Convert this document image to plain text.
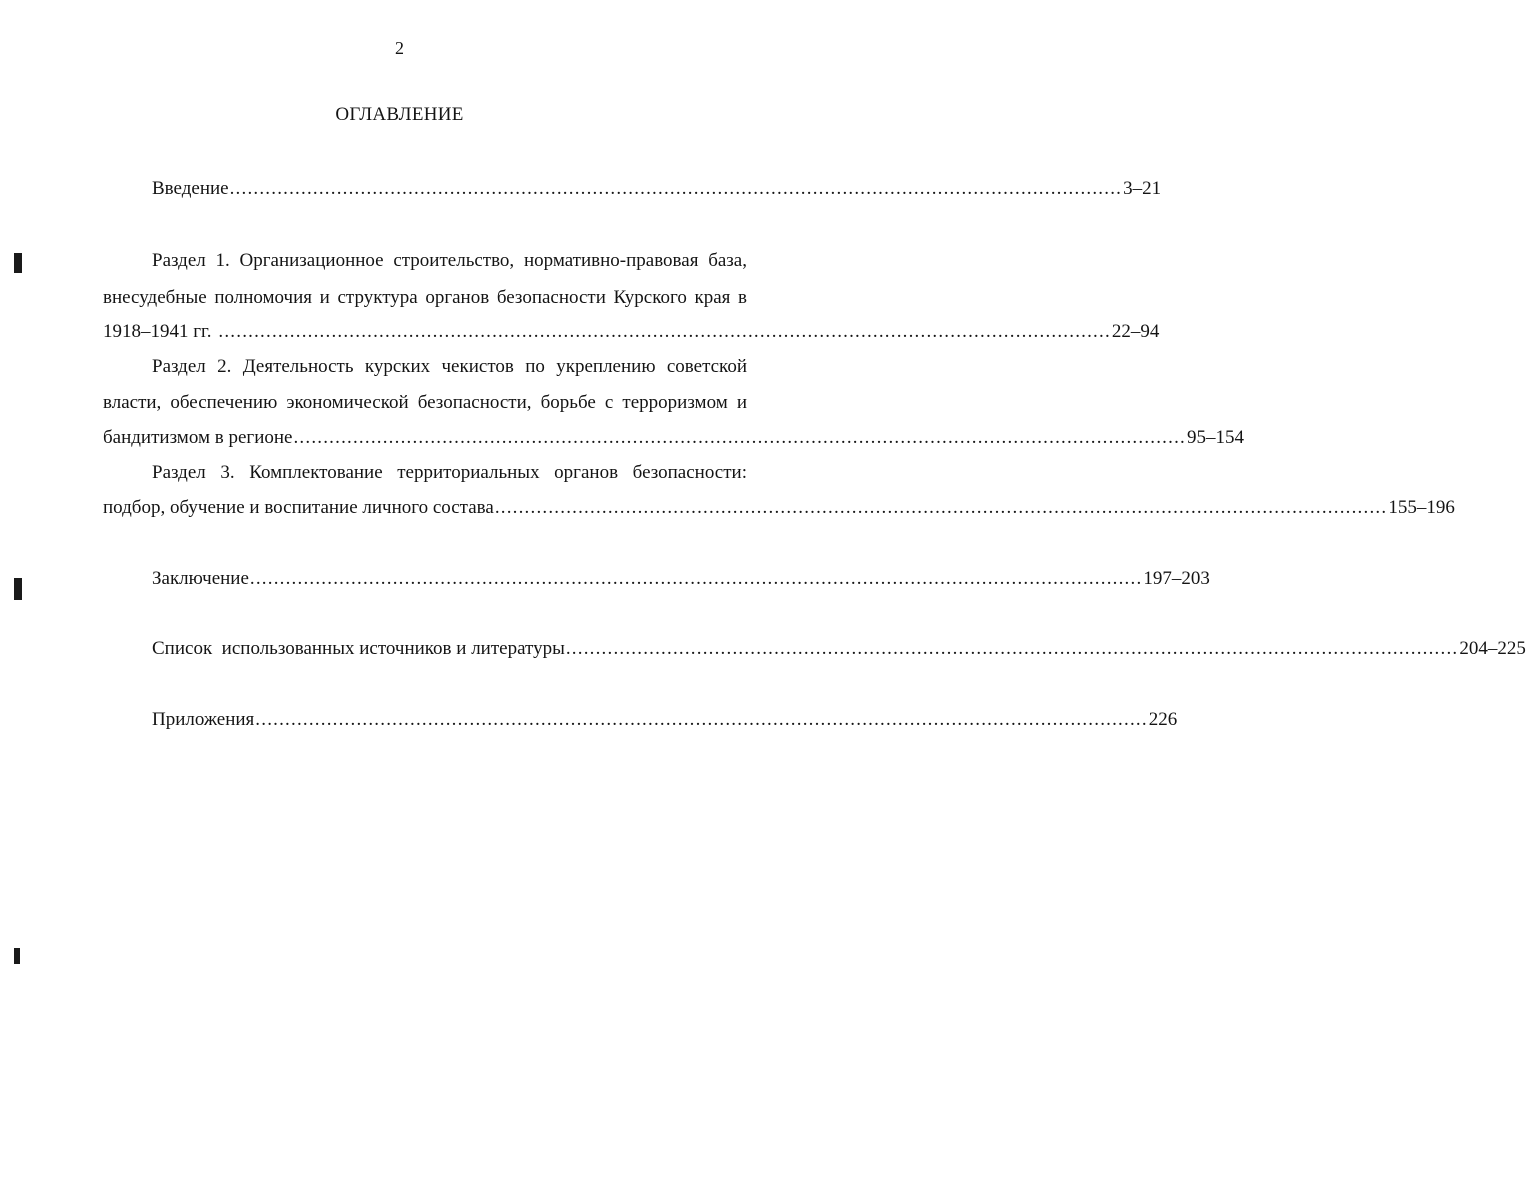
2
ОГЛАВЛЕНИЕ
Введение ...................................................................................................................................................... 3–21
Раздел 1. Организационное строительство, нормативно-правовая база,
внесудебные полномочия и структура органов безопасности Курского края в
1918–1941 гг. ...................................................................................................................................................... 22–94
Раздел 2. Деятельность курских чекистов по укреплению советской
власти, обеспечению экономической безопасности, борьбе с терроризмом и
бандитизмом в регионе ...................................................................................................................................................... 95–154
Раздел 3. Комплектование территориальных органов безопасности:
подбор, обучение и воспитание личного состава ...................................................................................................................................................... 155–196
Заключение ...................................................................................................................................................... 197–203
Список  использованных источников и литературы ...................................................................................................................................................... 204–225
Приложения ...................................................................................................................................................... 226
